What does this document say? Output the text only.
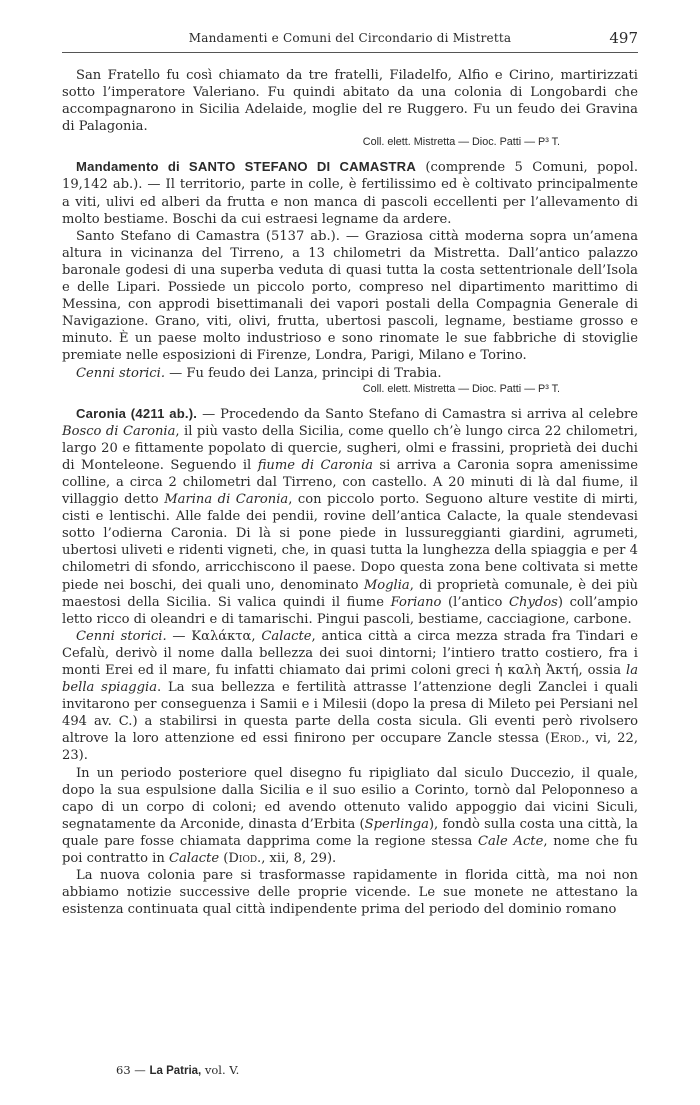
Mandamenti e Comuni del Circondario di Mistretta	497

San Fratello fu così chiamato da tre fratelli, Filadelfo, Alfio e Cirino, martirizzati sotto l’imperatore Valeriano. Fu quindi abitato da una colonia di Longobardi che accompagnarono in Sicilia Adelaide, moglie del re Ruggero. Fu un feudo dei Gravina di Palagonia.

Coll. elett. Mistretta — Dioc. Patti — P³ T.

Mandamento di SANTO STEFANO DI CAMASTRA (comprende 5 Comuni, popol. 19,142 ab.). — Il territorio, parte in colle, è fertilissimo ed è coltivato principalmente a viti, ulivi ed alberi da frutta e non manca di pascoli eccellenti per l’allevamento di molto bestiame. Boschi da cui estraesi legname da ardere.

Santo Stefano di Camastra (5137 ab.). — Graziosa città moderna sopra un’amena altura in vicinanza del Tirreno, a 13 chilometri da Mistretta. Dall’antico palazzo baronale godesi di una superba veduta di quasi tutta la costa settentrionale dell’Isola e delle Lipari. Possiede un piccolo porto, compreso nel dipartimento marittimo di Messina, con approdi bisettimanali dei vapori postali della Compagnia Generale di Navigazione. Grano, viti, olivi, frutta, ubertosi pascoli, legname, bestiame grosso e minuto. È un paese molto industrioso e sono rinomate le sue fabbriche di stoviglie premiate nelle esposizioni di Firenze, Londra, Parigi, Milano e Torino.

Cenni storici. — Fu feudo dei Lanza, principi di Trabia.

Coll. elett. Mistretta — Dioc. Patti — P³ T.

Caronia (4211 ab.). — Procedendo da Santo Stefano di Camastra si arriva al celebre Bosco di Caronia, il più vasto della Sicilia, come quello ch’è lungo circa 22 chilometri, largo 20 e fittamente popolato di quercie, sugheri, olmi e frassini, proprietà dei duchi di Monteleone. Seguendo il fiume di Caronia si arriva a Caronia sopra amenissime colline, a circa 2 chilometri dal Tirreno, con castello. A 20 minuti di là dal fiume, il villaggio detto Marina di Caronia, con piccolo porto. Seguono alture vestite di mirti, cisti e lentischi. Alle falde dei pendii, rovine dell’antica Calacte, la quale stendevasi sotto l’odierna Caronia. Di là si pone piede in lussureggianti giardini, agrumeti, ubertosi uliveti e ridenti vigneti, che, in quasi tutta la lunghezza della spiaggia e per 4 chilometri di sfondo, arricchiscono il paese. Dopo questa zona bene coltivata si mette piede nei boschi, dei quali uno, denominato Moglia, di proprietà comunale, è dei più maestosi della Sicilia. Si valica quindi il fiume Foriano (l’antico Chydos) coll’ampio letto ricco di oleandri e di tamarischi. Pingui pascoli, bestiame, cacciagione, carbone.

Cenni storici. — Καλάκτα, Calacte, antica città a circa mezza strada fra Tindari e Cefalù, derivò il nome dalla bellezza dei suoi dintorni; l’intiero tratto costiero, fra i monti Erei ed il mare, fu infatti chiamato dai primi coloni greci ἡ καλὴ Ἀκτή, ossia la bella spiaggia. La sua bellezza e fertilità attrasse l’attenzione degli Zanclei i quali invitarono per conseguenza i Samii e i Milesii (dopo la presa di Mileto pei Persiani nel 494 av. C.) a stabilirsi in questa parte della costa sicula. Gli eventi però rivolsero altrove la loro attenzione ed essi finirono per occupare Zancle stessa (Erod., vi, 22, 23).

In un periodo posteriore quel disegno fu ripigliato dal siculo Duccezio, il quale, dopo la sua espulsione dalla Sicilia e il suo esilio a Corinto, tornò dal Peloponneso a capo di un corpo di coloni; ed avendo ottenuto valido appoggio dai vicini Siculi, segnatamente da Arconide, dinasta d’Erbita (Sperlinga), fondò sulla costa una città, la quale pare fosse chiamata dapprima come la regione stessa Cale Acte, nome che fu poi contratto in Calacte (Diod., xii, 8, 29).

La nuova colonia pare si trasformasse rapidamente in florida città, ma noi non abbiamo notizie successive delle proprie vicende. Le sue monete ne attestano la esistenza continuata qual città indipendente prima del periodo del dominio romano

63 — La Patria, vol. V.
